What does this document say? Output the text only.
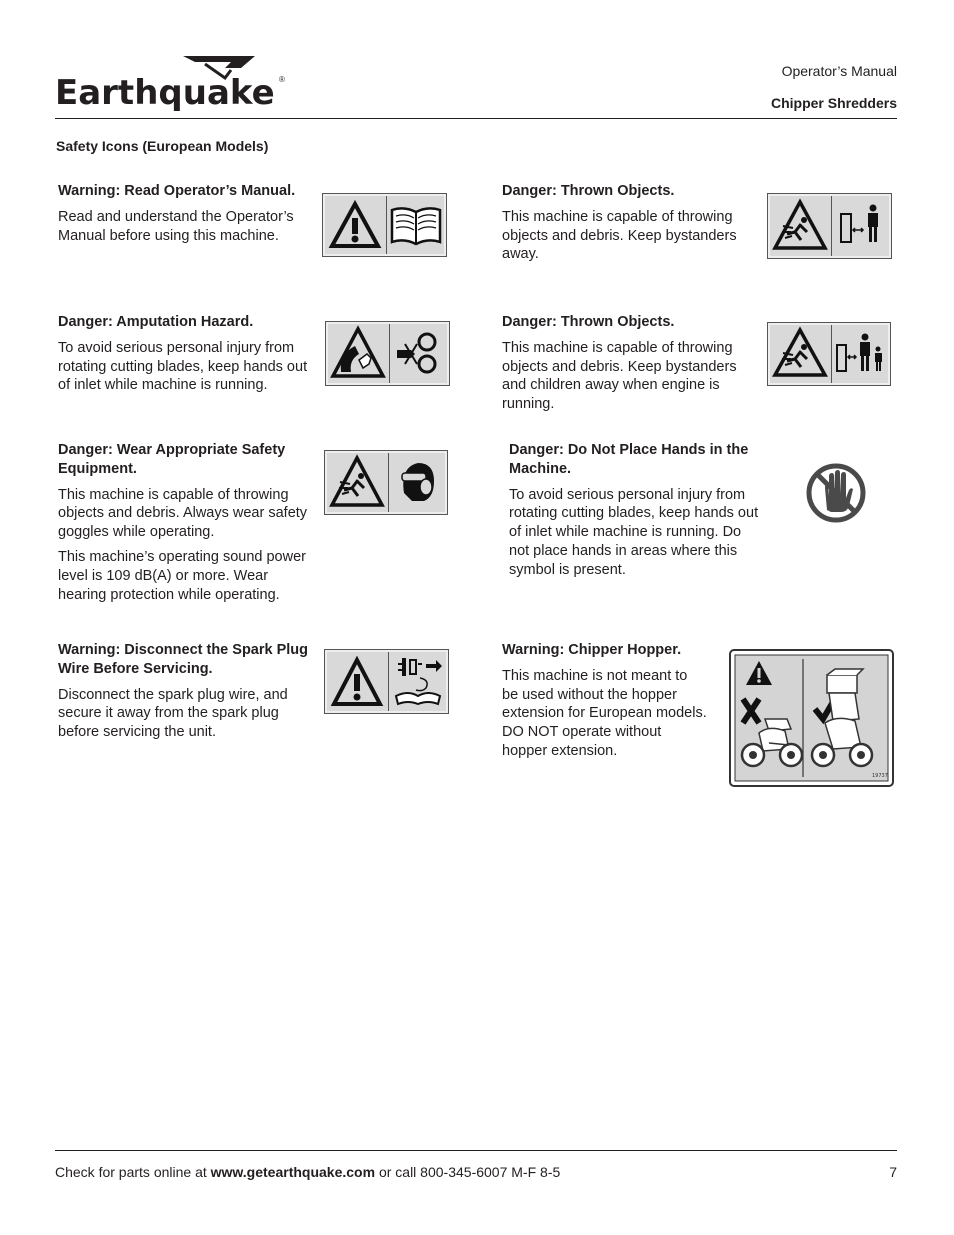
Earthquake ®
Operator’s Manual
Chipper Shredders
Safety Icons (European Models)
Warning: Read Operator’s Manual.
Read and understand the Operator’s Manual before using this machine.
Danger: Thrown Objects.
This machine is capable of throwing objects and debris. Keep bystanders away.
Danger: Amputation Hazard.
To avoid serious personal injury from rotating cutting blades, keep hands out of inlet while machine is running.
Danger: Thrown Objects.
This machine is capable of throwing objects and debris. Keep bystanders and children away when engine is running.
Danger: Wear Appropriate Safety Equipment.
This machine is capable of throwing objects and debris. Always wear safety goggles while operating.
This machine’s operating sound power level is 109 dB(A) or more. Wear hearing protection while operating.
Danger: Do Not Place Hands in the Machine.
To avoid serious personal injury from rotating cutting blades, keep hands out of inlet while machine is running. Do not place hands in areas where this symbol is present.
Warning: Disconnect the Spark Plug Wire Before Servicing.
Disconnect the spark plug wire, and secure it away from the spark plug before servicing the unit.
Warning: Chipper Hopper.
This machine is not meant to be used without the hopper extension for European models. DO NOT operate without hopper extension.
19737
Check for parts online at www.getearthquake.com or call 800-345-6007 M-F 8-5	7
